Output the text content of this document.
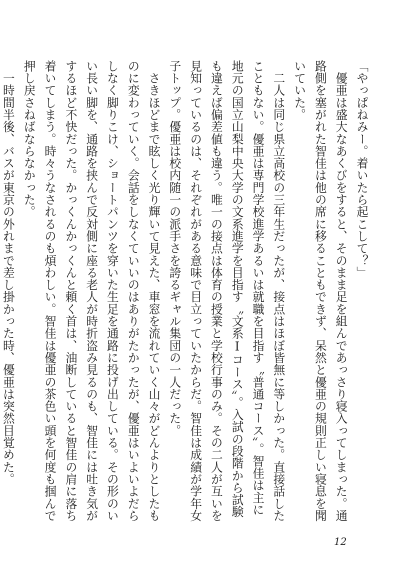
「やっぱねみー。着いたら起こして？」

　優亜は盛大なあくびをすると、そのまま足を組んであっさり寝入ってしまった。通路側を塞がれた智佳は他の席に移ることもできず、呆然と優亜の規則正しい寝息を聞いていた。

　二人は同じ県立高校の三年生だったが、接点はほぼ皆無に等しかった。直接話したこともない。優亜は専門学校進学あるいは就職を目指す〝普通コース〟。智佳は主に地元の国立山梨中央大学の文系進学を目指す〝文系Ⅰコース〟。入試の段階から試験も違えば偏差値も違う。唯一の接点は体育の授業と学校行事のみ。その二人が互いを見知っているのは、それぞれがある意味で目立っていたからだ。智佳は成績が学年女子トップ。優亜は校内随一の派手さを誇るギャル集団の一人だった。

　さきほどまで眩しく光り輝いて見えた、車窓を流れていく山々がどんよりとしたものに変わっていく。会話をしなくていいのはありがたかったが、優亜はいよいよだらしなく脚りこけ、ショートパンツを穿いた生足を通路に投げ出している。その形のいい長い脚を、通路を挟んで反対側に座る老人が時折盗み見るのも、智佳には吐き気がするほど不快だった。かっくんかっくんと頼く首は、油断していると智佳の肩に落ち着いてしまう。時々うなされるのも煩わしい。智佳は優亜の茶色い頭を何度も掴んで押し戻さねばならなかった。

　一時間半後、バスが東京の外れまで差し掛かった時、優亜は突然目覚めた。

12
